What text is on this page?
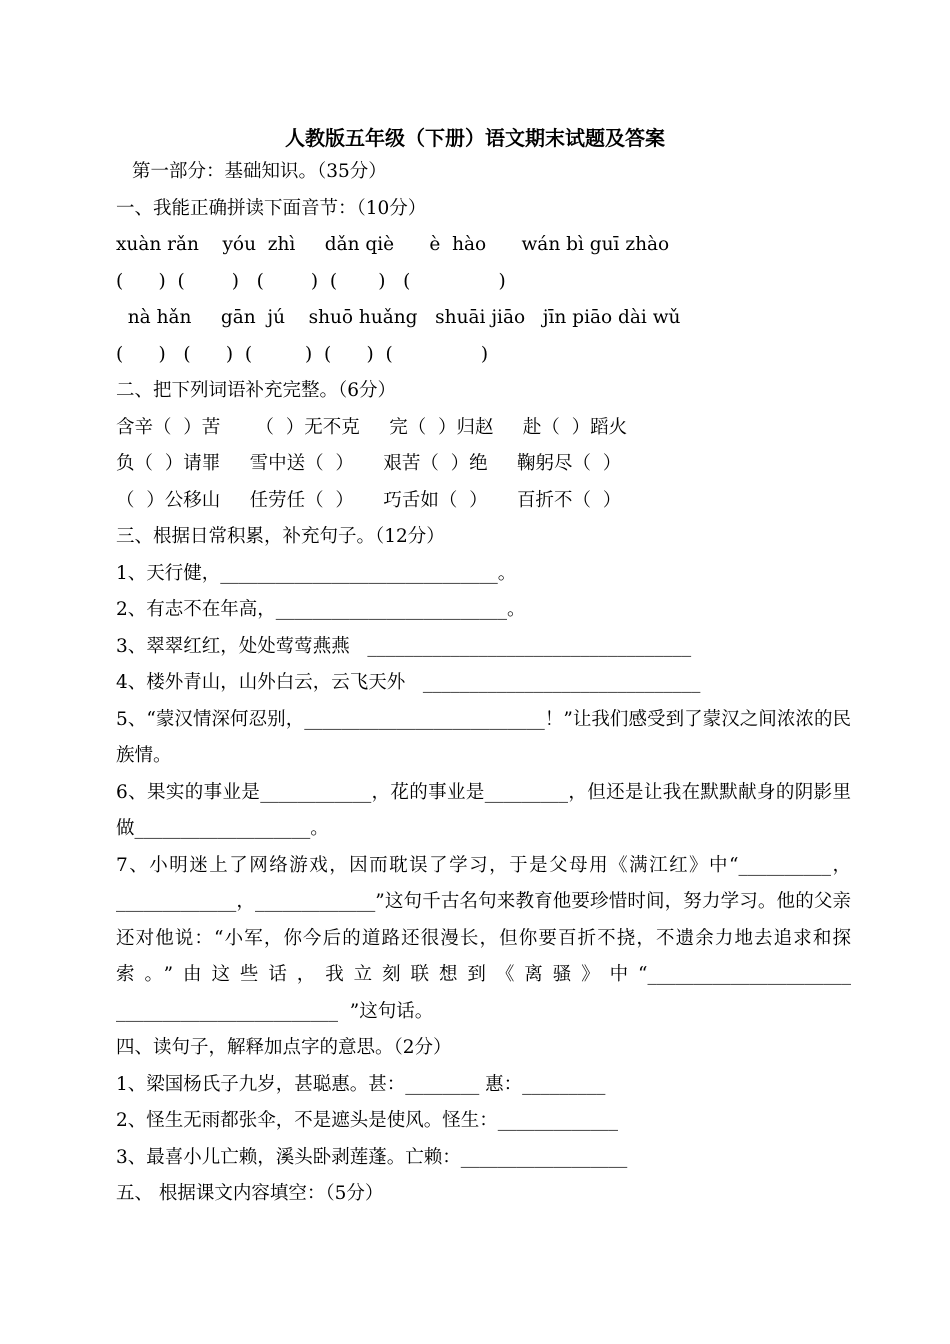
人教版五年级（下册）语文期末试题及答案
第一部分：基础知识。（35分）
一、我能正确拼读下面音节：（10分）
xuàn rǎn    yóu  zhì     dǎn qiè      è  hào      wán bì guī zhào
(      )  (        )   (        )  (       )   (               )
nà hǎn     gān  jú    shuō huǎng   shuāi jiāo   jīn piāo dài wǔ
(      )   (      )  (         )  (      )  (               )
二、把下列词语补充完整。（6分）
含辛（  ）苦      （  ）无不克     完（  ）归赵     赴（  ）蹈火
负（  ）请罪     雪中送（  ）     艰苦（  ）绝     鞠躬尽（  ）
（  ）公移山     任劳任（  ）     巧舌如（  ）     百折不（  ）
三、根据日常积累，补充句子。（12分）
1、天行健，______________________________。
2、有志不在年高，_________________________。
3、翠翠红红，处处莺莺燕燕   ___________________________________
4、楼外青山，山外白云，云飞天外   ______________________________
5、“蒙汉情深何忍别，__________________________！”让我们感受到了蒙汉之间浓浓的民族情。
6、果实的事业是____________，花的事业是_________，但还是让我在默默献身的阴影里做___________________。
7、小明迷上了网络游戏，因而耽误了学习，于是父母用《满江红》中“__________，_____________，_____________”这句千古名句来教育他要珍惜时间，努力学习。他的父亲还对他说：“小军，你今后的道路还很漫长，但你要百折不挠，不遗余力地去追求和探索。”由这些话，我立刻联想到《离骚》中“______________________ ________________________  ”这句话。
四、读句子，解释加点字的意思。（2分）
1、梁国杨氏子九岁，甚聪惠。甚：________ 惠：_________
2、怪生无雨都张伞，不是遮头是使风。怪生：_____________
3、最喜小儿亡赖，溪头卧剥莲蓬。亡赖：__________________
五、 根据课文内容填空：（5分）
